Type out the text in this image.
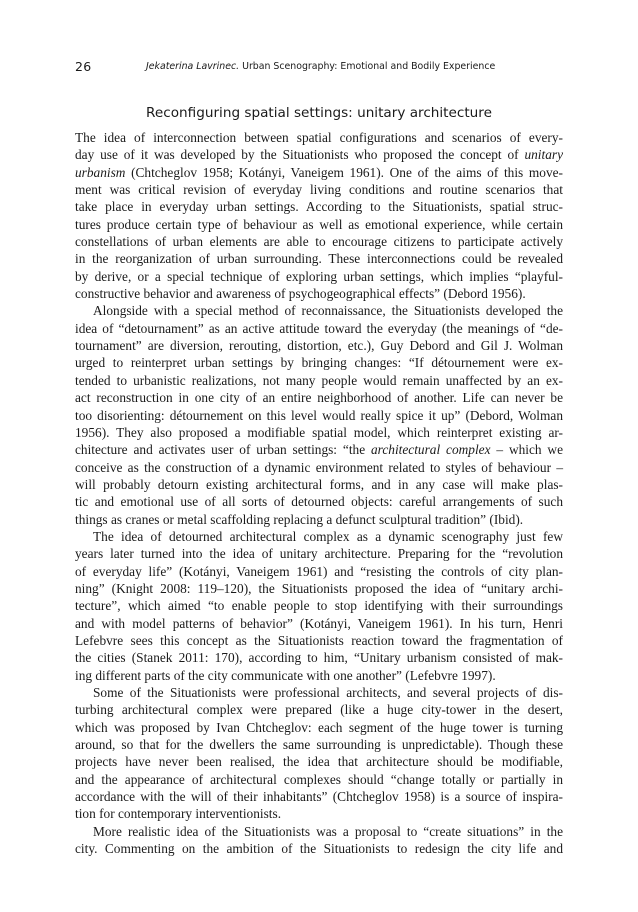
26	Jekaterina Lavrinec. Urban Scenography: Emotional and Bodily Experience
Reconfiguring spatial settings: unitary architecture
The idea of interconnection between spatial configurations and scenarios of every-
day use of it was developed by the Situationists who proposed the concept of unitary
urbanism (Chtcheglov 1958; Kotányi, Vaneigem 1961). One of the aims of this move-
ment was critical revision of everyday living conditions and routine scenarios that
take place in everyday urban settings. According to the Situationists, spatial struc-
tures produce certain type of behaviour as well as emotional experience, while certain
constellations of urban elements are able to encourage citizens to participate actively
in the reorganization of urban surrounding. These interconnections could be revealed
by derive, or a special technique of exploring urban settings, which implies “playful-
constructive behavior and awareness of psychogeographical effects” (Debord 1956).
Alongside with a special method of reconnaissance, the Situationists developed the
idea of “detournament” as an active attitude toward the everyday (the meanings of “de-
tournament” are diversion, rerouting, distortion, etc.), Guy Debord and Gil J. Wolman
urged to reinterpret urban settings by bringing changes: “If détournement were ex-
tended to urbanistic realizations, not many people would remain unaffected by an ex-
act reconstruction in one city of an entire neighborhood of another. Life can never be
too disorienting: détournement on this level would really spice it up” (Debord, Wolman
1956). They also proposed a modifiable spatial model, which reinterpret existing ar-
chitecture and activates user of urban settings: “the architectural complex – which we
conceive as the construction of a dynamic environment related to styles of behaviour –
will probably detourn existing architectural forms, and in any case will make plas-
tic and emotional use of all sorts of detourned objects: careful arrangements of such
things as cranes or metal scaffolding replacing a defunct sculptural tradition” (Ibid).
The idea of detourned architectural complex as a dynamic scenography just few
years later turned into the idea of unitary architecture. Preparing for the “revolution
of everyday life” (Kotányi, Vaneigem 1961) and “resisting the controls of city plan-
ning” (Knight 2008: 119–120), the Situationists proposed the idea of “unitary archi-
tecture”, which aimed “to enable people to stop identifying with their surroundings
and with model patterns of behavior” (Kotányi, Vaneigem 1961). In his turn, Henri
Lefebvre sees this concept as the Situationists reaction toward the fragmentation of
the cities (Stanek 2011: 170), according to him, “Unitary urbanism consisted of mak-
ing different parts of the city communicate with one another” (Lefebvre 1997).
Some of the Situationists were professional architects, and several projects of dis-
turbing architectural complex were prepared (like a huge city-tower in the desert,
which was proposed by Ivan Chtcheglov: each segment of the huge tower is turning
around, so that for the dwellers the same surrounding is unpredictable). Though these
projects have never been realised, the idea that architecture should be modifiable,
and the appearance of architectural complexes should “change totally or partially in
accordance with the will of their inhabitants” (Chtcheglov 1958) is a source of inspira-
tion for contemporary interventionists.
More realistic idea of the Situationists was a proposal to “create situations” in the
city. Commenting on the ambition of the Situationists to redesign the city life and
